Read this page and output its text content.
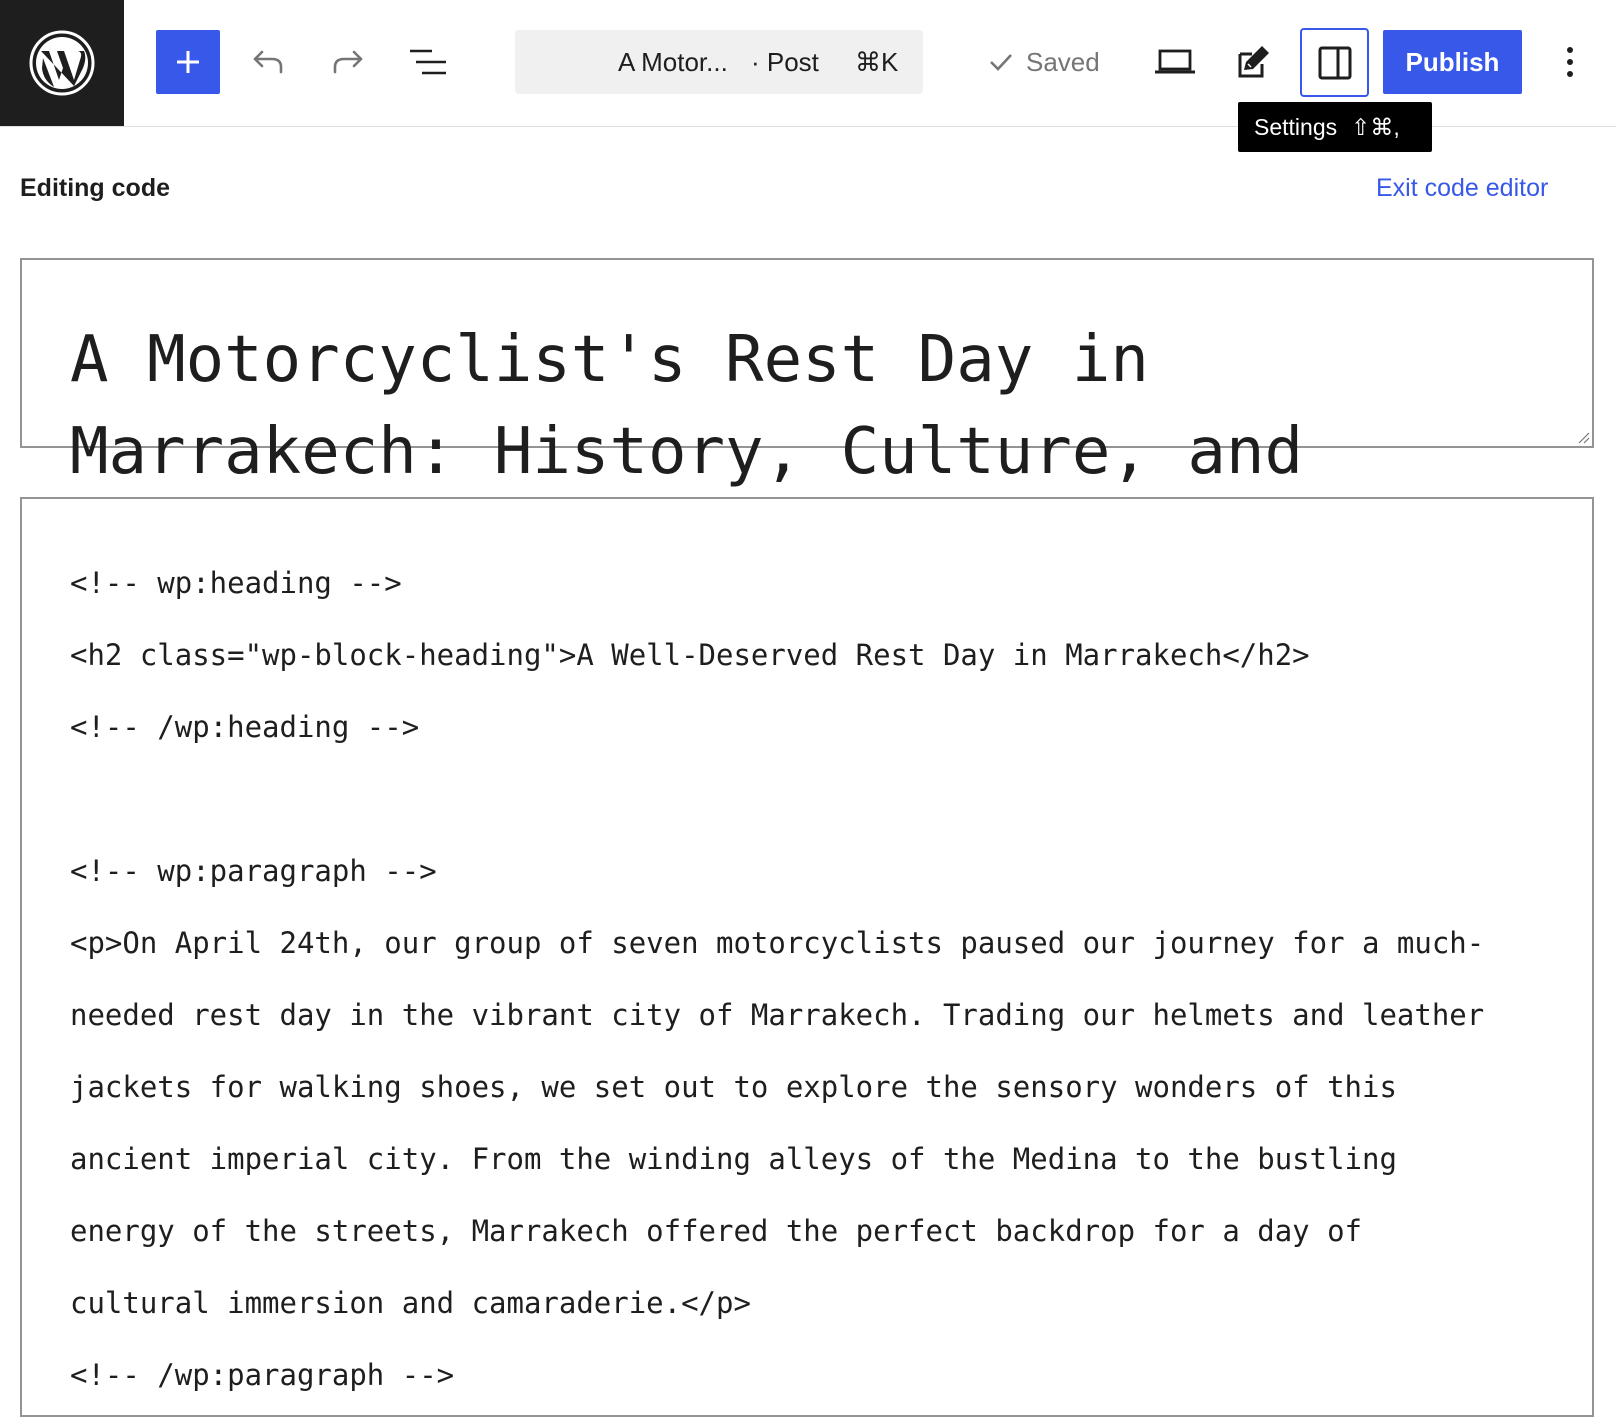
A Motor... · Post ⌘K	Saved	Publish
Settings ⇧⌘,
Editing code	Exit code editor

A Motorcyclist's Rest Day in Marrakech: History, Culture, and

<!-- wp:heading -->
<h2 class="wp-block-heading">A Well-Deserved Rest Day in Marrakech</h2>
<!-- /wp:heading -->

<!-- wp:paragraph -->
<p>On April 24th, our group of seven motorcyclists paused our journey for a much-
needed rest day in the vibrant city of Marrakech. Trading our helmets and leather
jackets for walking shoes, we set out to explore the sensory wonders of this
ancient imperial city. From the winding alleys of the Medina to the bustling
energy of the streets, Marrakech offered the perfect backdrop for a day of
cultural immersion and camaraderie.</p>
<!-- /wp:paragraph -->
